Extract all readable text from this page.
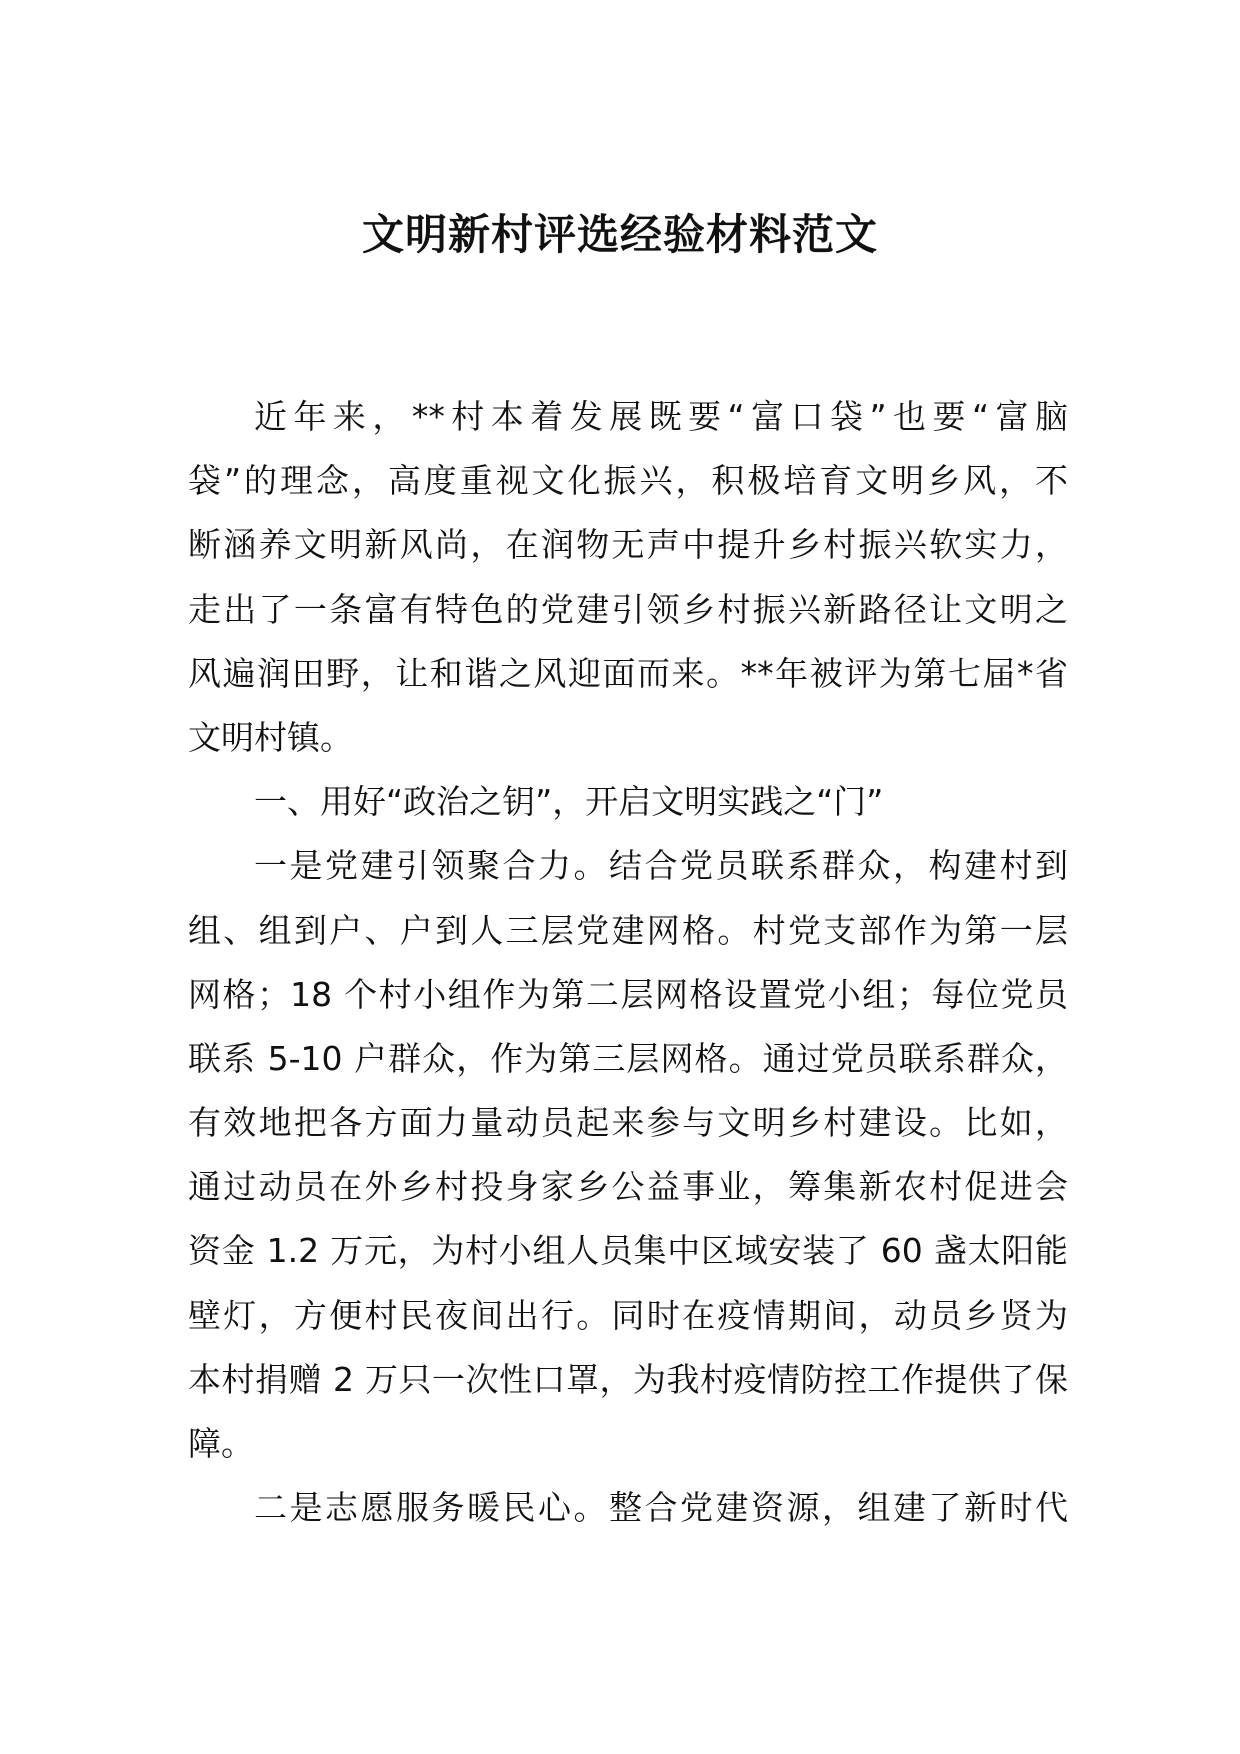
文明新村评选经验材料范文
近年来，**村本着发展既要“富口袋”也要“富脑
袋”的理念，高度重视文化振兴，积极培育文明乡风，不
断涵养文明新风尚，在润物无声中提升乡村振兴软实力，
走出了一条富有特色的党建引领乡村振兴新路径让文明之
风遍润田野，让和谐之风迎面而来。**年被评为第七届*省
文明村镇。
一、用好“政治之钥”，开启文明实践之“门”
一是党建引领聚合力。结合党员联系群众，构建村到
组、组到户、户到人三层党建网格。村党支部作为第一层
网格；18 个村小组作为第二层网格设置党小组；每位党员
联系 5-10 户群众，作为第三层网格。通过党员联系群众，
有效地把各方面力量动员起来参与文明乡村建设。比如，
通过动员在外乡村投身家乡公益事业，筹集新农村促进会
资金 1.2 万元，为村小组人员集中区域安装了 60 盏太阳能
壁灯，方便村民夜间出行。同时在疫情期间，动员乡贤为
本村捐赠 2 万只一次性口罩，为我村疫情防控工作提供了保
障。
二是志愿服务暖民心。整合党建资源，组建了新时代
